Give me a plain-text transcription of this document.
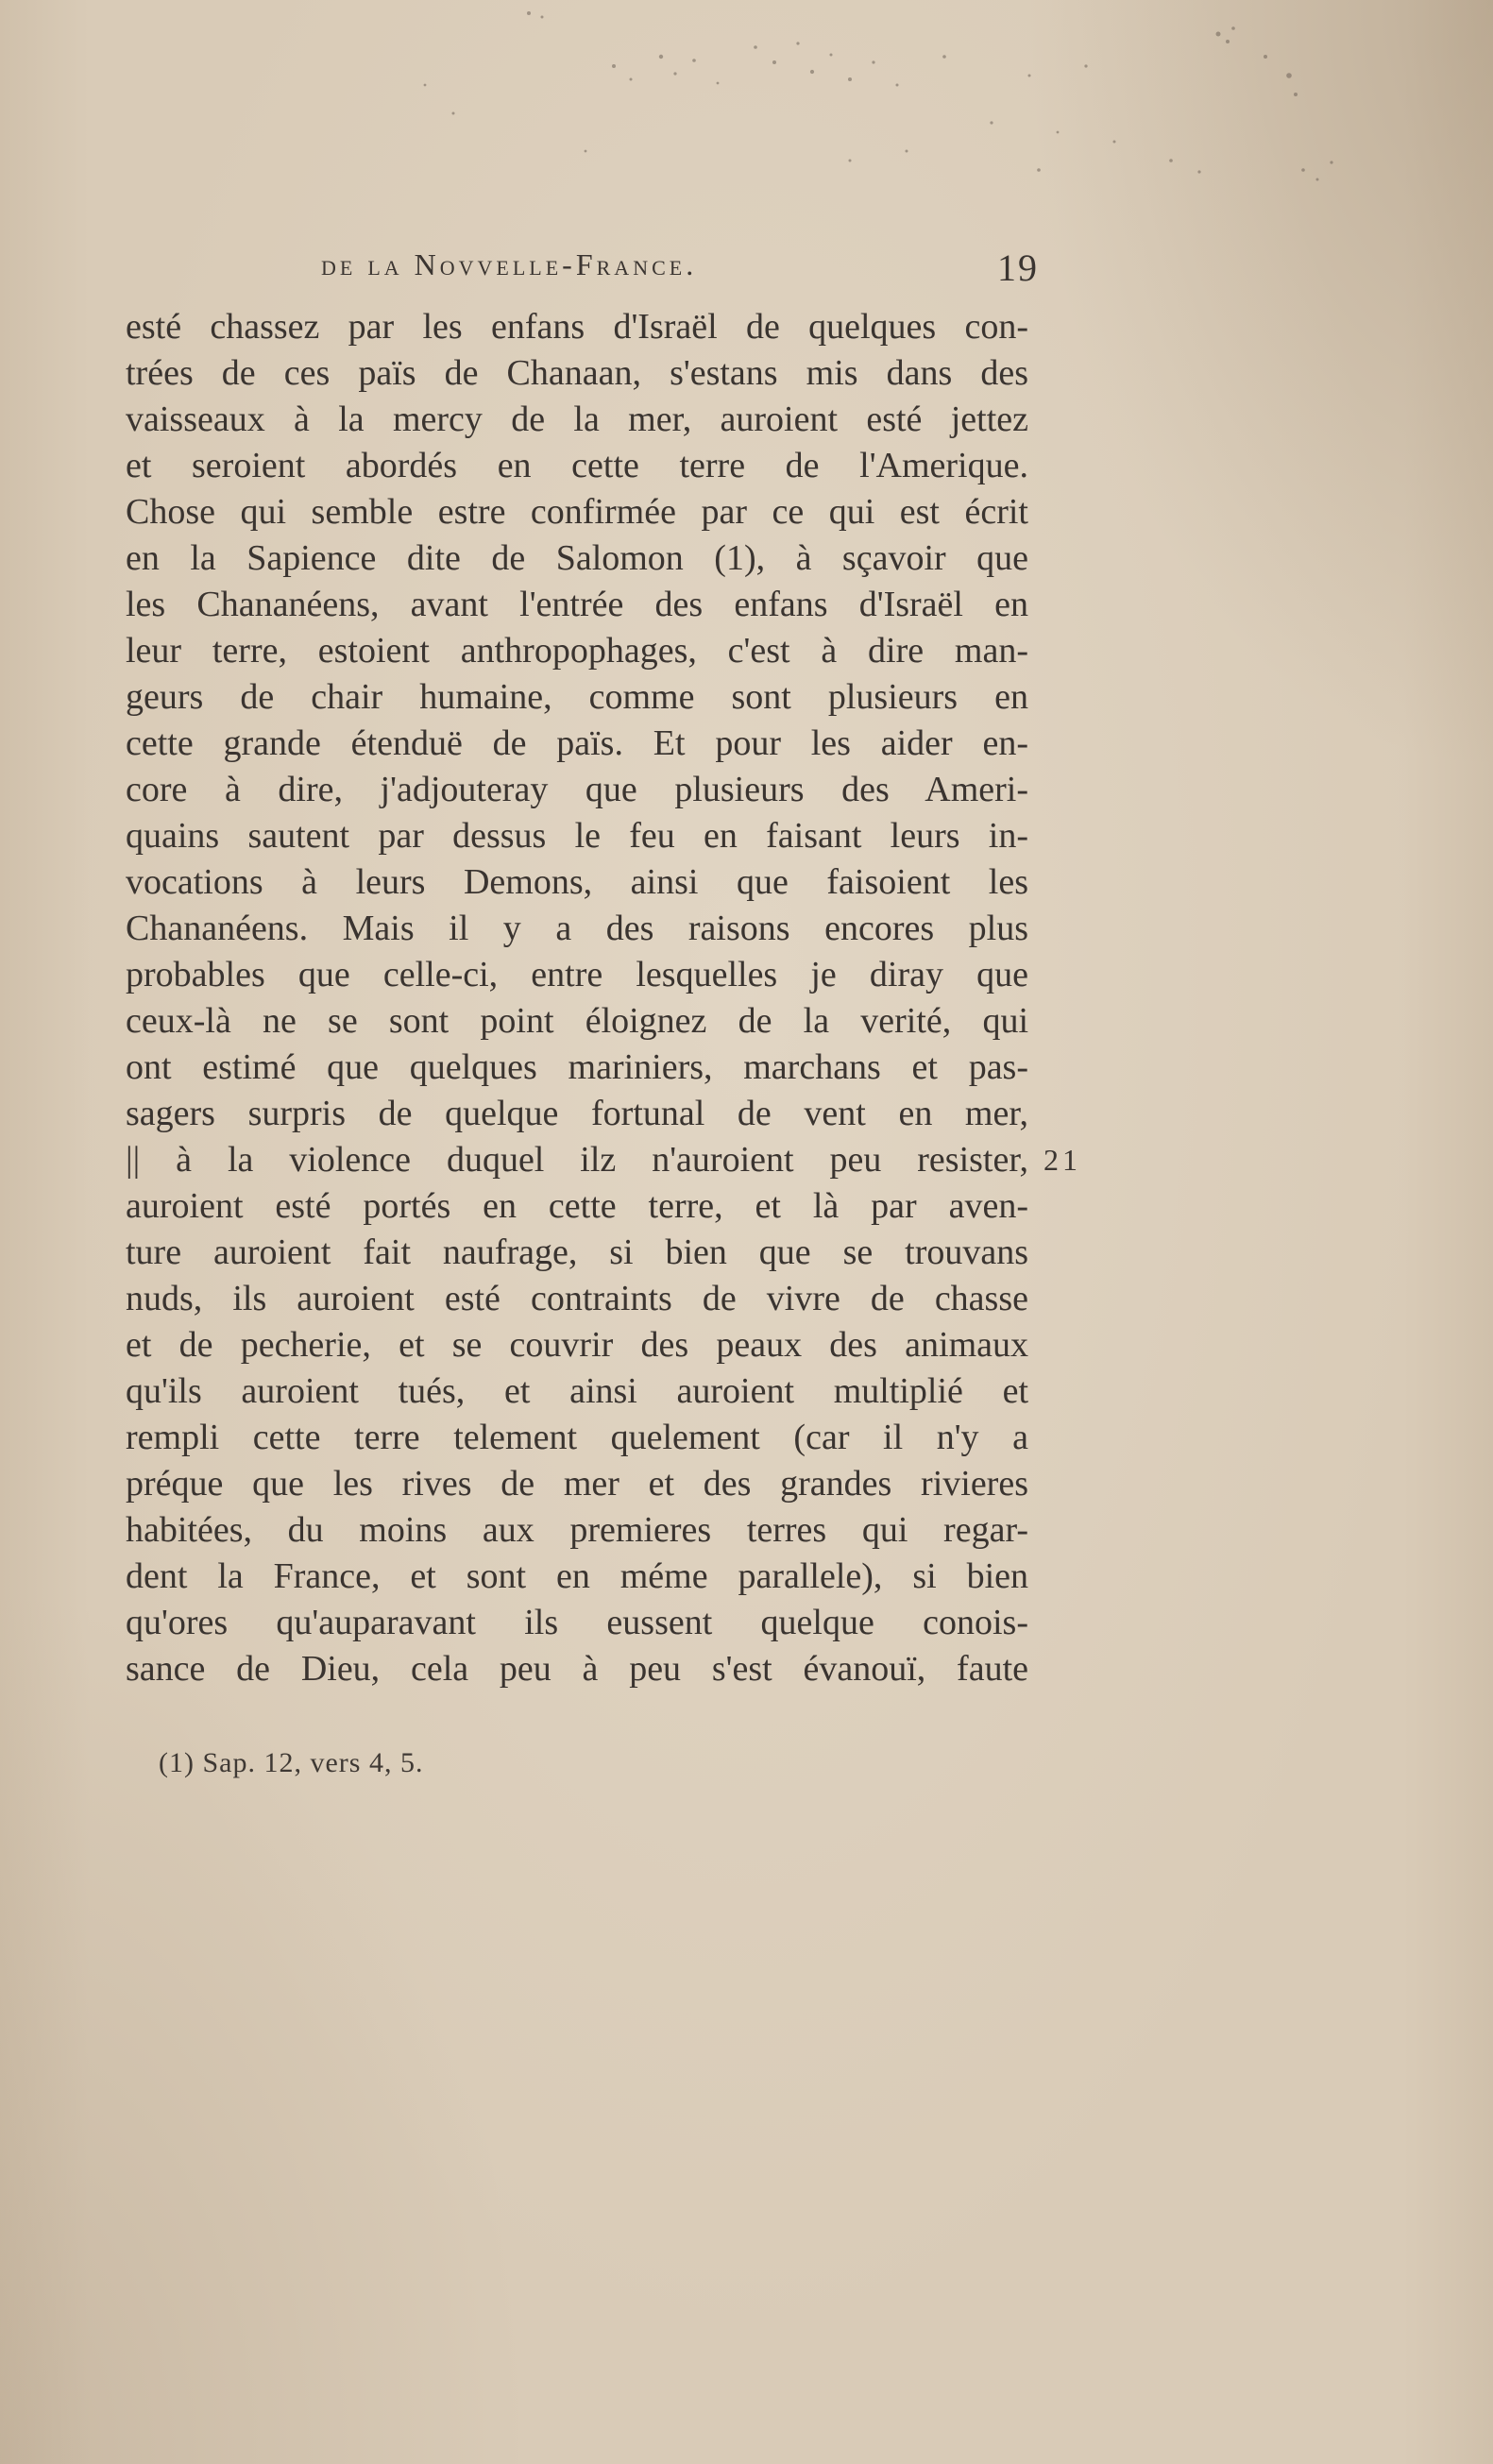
de la Novvelle-France.	19
esté chassez par les enfans d'Israël de quelques con-
trées de ces païs de Chanaan, s'estans mis dans des
vaisseaux à la mercy de la mer, auroient esté jettez
et seroient abordés en cette terre de l'Amerique.
Chose qui semble estre confirmée par ce qui est écrit
en la Sapience dite de Salomon (1), à sçavoir que
les Chananéens, avant l'entrée des enfans d'Israël en
leur terre, estoient anthropophages, c'est à dire man-
geurs de chair humaine, comme sont plusieurs en
cette grande étenduë de païs. Et pour les aider en-
core à dire, j'adjouteray que plusieurs des Ameri-
quains sautent par dessus le feu en faisant leurs in-
vocations à leurs Demons, ainsi que faisoient les
Chananéens. Mais il y a des raisons encores plus
probables que celle-ci, entre lesquelles je diray que
ceux-là ne se sont point éloignez de la verité, qui
ont estimé que quelques mariniers, marchans et pas-
sagers surpris de quelque fortunal de vent en mer,
|| à la violence duquel ilz n'auroient peu resister,
auroient esté portés en cette terre, et là par aven-
ture auroient fait naufrage, si bien que se trouvans
nuds, ils auroient esté contraints de vivre de chasse
et de pecherie, et se couvrir des peaux des animaux
qu'ils auroient tués, et ainsi auroient multiplié et
rempli cette terre telement quelement (car il n'y a
préque que les rives de mer et des grandes rivieres
habitées, du moins aux premieres terres qui regar-
dent la France, et sont en méme parallele), si bien
qu'ores qu'auparavant ils eussent quelque conois-
sance de Dieu, cela peu à peu s'est évanouï, faute
21
(1) Sap. 12, vers 4, 5.
